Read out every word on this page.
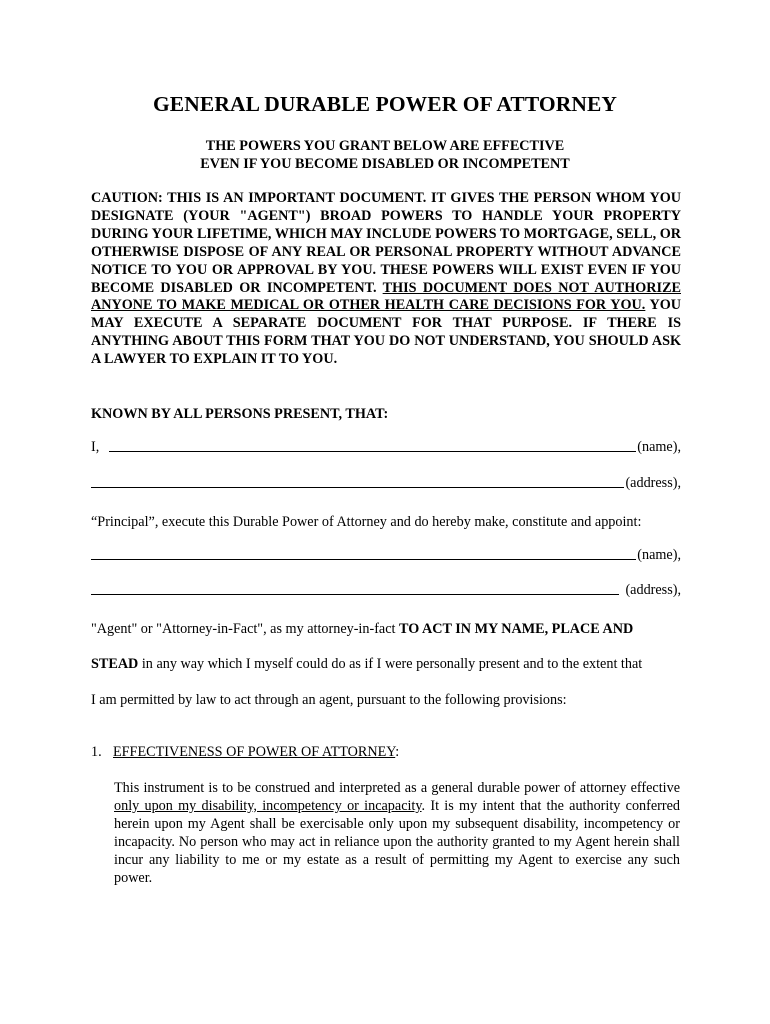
GENERAL DURABLE POWER OF ATTORNEY
THE POWERS YOU GRANT BELOW ARE EFFECTIVE
EVEN IF YOU BECOME DISABLED OR INCOMPETENT
CAUTION: THIS IS AN IMPORTANT DOCUMENT. IT GIVES THE PERSON WHOM YOU DESIGNATE (YOUR "AGENT") BROAD POWERS TO HANDLE YOUR PROPERTY DURING YOUR LIFETIME, WHICH MAY INCLUDE POWERS TO MORTGAGE, SELL, OR OTHERWISE DISPOSE OF ANY REAL OR PERSONAL PROPERTY WITHOUT ADVANCE NOTICE TO YOU OR APPROVAL BY YOU. THESE POWERS WILL EXIST EVEN IF YOU BECOME DISABLED OR INCOMPETENT. THIS DOCUMENT DOES NOT AUTHORIZE ANYONE TO MAKE MEDICAL OR OTHER HEALTH CARE DECISIONS FOR YOU. YOU MAY EXECUTE A SEPARATE DOCUMENT FOR THAT PURPOSE. IF THERE IS ANYTHING ABOUT THIS FORM THAT YOU DO NOT UNDERSTAND, YOU SHOULD ASK A LAWYER TO EXPLAIN IT TO YOU.
KNOWN BY ALL PERSONS PRESENT, THAT:
I,	(name),
(address),
“Principal”, execute this Durable Power of Attorney and do hereby make, constitute and appoint:
(name),
(address),
"Agent" or "Attorney-in-Fact", as my attorney-in-fact TO ACT IN MY NAME, PLACE AND
STEAD in any way which I myself could do as if I were personally present and to the extent that
I am permitted by law to act through an agent, pursuant to the following provisions:
1. EFFECTIVENESS OF POWER OF ATTORNEY:
This instrument is to be construed and interpreted as a general durable power of attorney effective only upon my disability, incompetency or incapacity. It is my intent that the authority conferred herein upon my Agent shall be exercisable only upon my subsequent disability, incompetency or incapacity. No person who may act in reliance upon the authority granted to my Agent herein shall incur any liability to me or my estate as a result of permitting my Agent to exercise any such power.
